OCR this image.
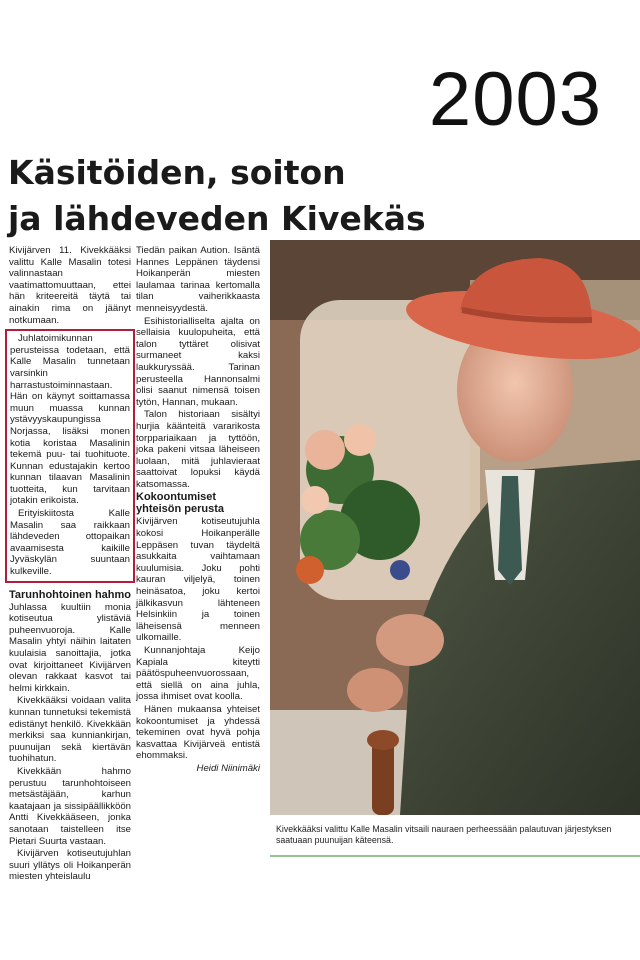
2003
Käsitöiden, soiton
ja lähdeveden Kivekäs

Kivijärven 11. Kivekkääksi valittu Kalle Masalin totesi valinnastaan vaatimattomuuttaan, ettei hän kriteereitä täytä tai ainakin rima on jäänyt notkumaan.

Juhlatoimikunnan perusteissa todetaan, että Kalle Masalin tunnetaan varsinkin harrastustoiminnastaan. Hän on käynyt soittamassa muun muassa kunnan ystävyyskaupungissa Norjassa, lisäksi monen kotia koristaa Masalinin tekemä puu- tai tuohituote. Kunnan edustajakin kertoo kunnan tilaavan Masalinin tuotteita, kun tarvitaan jotakin erikoista.

Erityiskiitosta Kalle Masalin saa raikkaan lähdeveden ottopaikan avaamisesta kaikille Jyväskylän suuntaan kulkeville.

Tarunhohtoinen hahmo

Juhlassa kuultiin monia kotiseutua ylistäviä puheenvuoroja. Kalle Masalin yhtyi näihin laitaten kuulaisia sanoittajia, jotka ovat kirjoittaneet Kivijärven olevan rakkaat kasvot tai helmi kirkkain.

Kivekkääksi voidaan valita kunnan tunnetuksi tekemistä edistänyt henkilö. Kivekkään merkiksi saa kunniankirjan, puunuijan sekä kiertävän tuohihatun.

Kivekkään hahmo perustuu tarunhohtoiseen metsästäjään, karhun kaatajaan ja sissipäällikköön Antti Kivekkääseen, jonka sanotaan taistelleen itse Pietari Suurta vastaan.

Kivijärven kotiseutujuhlan suuri yllätys oli Hoikanperän miesten yhteislaulu

Tiedän paikan Aution. Isäntä Hannes Leppänen täydensi Hoikanperän miesten laulamaa tarinaa kertomalla tilan vaiherikkaasta menneisyydestä.

Esihistorialliselta ajalta on sellaisia kuulopuheita, että talon tyttäret olisivat surmaneet kaksi laukkuryssää. Tarinan perusteella Hannonsalmi olisi saanut nimensä toisen tytön, Hannan, mukaan.

Talon historiaan sisältyi hurjia käänteitä vararikosta torppariaikaan ja tyttöön, joka pakeni vitsaa läheiseen luolaan, mitä juhlavieraat saattoivat lopuksi käydä katsomassa.

Kokoontumiset yhteisön perusta

Kivijärven kotiseutujuhla kokosi Hoikanperälle Leppäsen tuvan täydeltä asukkaita vaihtamaan kuulumisia. Joku pohti kauran viljelyä, toinen heinäsatoa, joku kertoi jälkikasvun lähteneen Helsinkiin ja toinen läheisensä menneen ulkomaille.

Kunnanjohtaja Keijo Kapiala kiteytti päätöspuheenvuorossaan, että siellä on aina juhla, jossa ihmiset ovat koolla.

Hänen mukaansa yhteiset kokoontumiset ja yhdessä tekeminen ovat hyvä pohja kasvattaa Kivijärveä entistä ehommaksi.

Heidi Niinimäki

Kivekkääksi valittu Kalle Masalin vitsaili nauraen perheessään palautuvan järjestyksen saatuaan puunuijan käteensä.
